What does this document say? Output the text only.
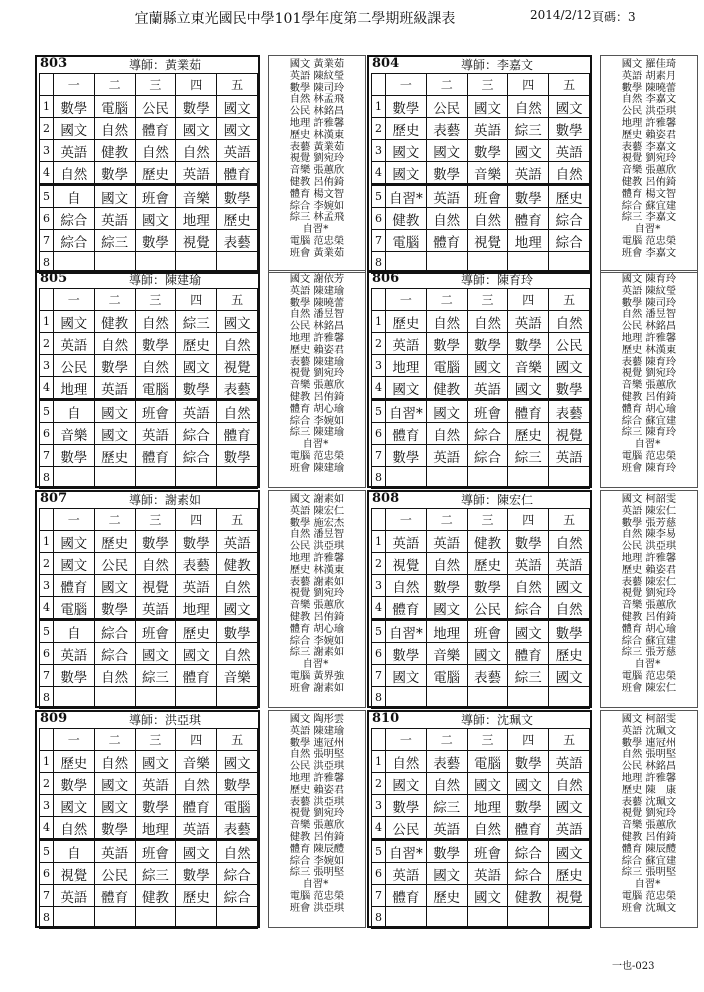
宜蘭縣立東光國民中學101學年度第二學期班級課表	2014/2/12 頁碼：3
一也-023
803	導師：黃業茹
	一	二	三	四	五
1	數學	電腦	公民	數學	國文
2	國文	自然	體育	國文	國文
3	英語	健教	自然	自然	英語
4	自然	數學	歷史	英語	體育
5	自	國文	班會	音樂	數學
6	綜合	英語	國文	地理	歷史
7	綜合	綜三	數學	視覺	表藝
8					
國文 黃業茹
英語 陳紋瑩
數學 陳司玲
自然 林孟飛
公民 林銘昌
地理 許雅馨
歷史 林漢東
表藝 黃業茹
視覺 劉宛玲
音樂 張蕙欣
健教 呂侑錡
體育 楊文智
綜合 李婉如
綜三 林孟飛
自習*
電腦 范忠榮
班會 黃業茹
804	導師：李嘉文
	一	二	三	四	五
1	數學	公民	國文	自然	國文
2	歷史	表藝	英語	綜三	數學
3	國文	國文	數學	國文	英語
4	國文	數學	音樂	英語	自然
5	自習*	英語	班會	數學	歷史
6	健教	自然	自然	體育	綜合
7	電腦	體育	視覺	地理	綜合
8					
國文 羅佳琦
英語 胡素月
數學 陳曉蕾
自然 李嘉文
公民 洪亞琪
地理 許雅馨
歷史 賴姿君
表藝 李嘉文
視覺 劉宛玲
音樂 張蕙欣
健教 呂侑錡
體育 楊文智
綜合 蘇宜建
綜三 李嘉文
自習*
電腦 范忠榮
班會 李嘉文
805	導師：陳建瑜
	一	二	三	四	五
1	國文	健教	自然	綜三	國文
2	英語	自然	數學	歷史	自然
3	公民	數學	自然	國文	視覺
4	地理	英語	電腦	數學	表藝
5	自	國文	班會	英語	自然
6	音樂	國文	英語	綜合	體育
7	數學	歷史	體育	綜合	數學
8					
國文 謝依芳
英語 陳建瑜
數學 陳曉蕾
自然 潘昱智
公民 林銘昌
地理 許雅馨
歷史 賴姿君
表藝 陳建瑜
視覺 劉宛玲
音樂 張蕙欣
健教 呂侑錡
體育 胡心瑜
綜合 李婉如
綜三 陳建瑜
自習*
電腦 范忠榮
班會 陳建瑜
806	導師：陳育玲
	一	二	三	四	五
1	歷史	自然	自然	英語	自然
2	英語	數學	數學	數學	公民
3	地理	電腦	國文	音樂	國文
4	國文	健教	英語	國文	數學
5	自習*	國文	班會	體育	表藝
6	體育	自然	綜合	歷史	視覺
7	數學	英語	綜合	綜三	英語
8					
國文 陳育玲
英語 陳紋瑩
數學 陳司玲
自然 潘昱智
公民 林銘昌
地理 許雅馨
歷史 林漢東
表藝 陳育玲
視覺 劉宛玲
音樂 張蕙欣
健教 呂侑錡
體育 胡心瑜
綜合 蘇宜建
綜三 陳育玲
自習*
電腦 范忠榮
班會 陳育玲
807	導師：謝素如
	一	二	三	四	五
1	國文	歷史	數學	數學	英語
2	國文	公民	自然	表藝	健教
3	體育	國文	視覺	英語	自然
4	電腦	數學	英語	地理	國文
5	自	綜合	班會	歷史	數學
6	英語	綜合	國文	國文	自然
7	數學	自然	綜三	體育	音樂
8					
國文 謝素如
英語 陳宏仁
數學 施宏杰
自然 潘昱智
公民 洪亞琪
地理 許雅馨
歷史 林漢東
表藝 謝素如
視覺 劉宛玲
音樂 張蕙欣
健教 呂侑錡
體育 胡心瑜
綜合 李婉如
綜三 謝素如
自習*
電腦 黃界強
班會 謝素如
808	導師：陳宏仁
	一	二	三	四	五
1	英語	英語	健教	數學	自然
2	視覺	自然	歷史	英語	英語
3	自然	數學	數學	自然	國文
4	體育	國文	公民	綜合	自然
5	自習*	地理	班會	國文	數學
6	數學	音樂	國文	體育	歷史
7	國文	電腦	表藝	綜三	國文
8					
國文 柯韶雯
英語 陳宏仁
數學 張芳慈
自然 陳李易
公民 洪亞琪
地理 許雅馨
歷史 賴姿君
表藝 陳宏仁
視覺 劉宛玲
音樂 張蕙欣
健教 呂侑錡
體育 胡心瑜
綜合 蘇宜建
綜三 張芳慈
自習*
電腦 范忠榮
班會 陳宏仁
809	導師：洪亞琪
	一	二	三	四	五
1	歷史	自然	國文	音樂	國文
2	數學	國文	英語	自然	數學
3	國文	國文	數學	體育	電腦
4	自然	數學	地理	英語	表藝
5	自	英語	班會	國文	自然
6	視覺	公民	綜三	數學	綜合
7	英語	體育	健教	歷史	綜合
8					
國文 陶彤雲
英語 陳建瑜
數學 連冠州
自然 張明堅
公民 洪亞琪
地理 許雅馨
歷史 賴姿君
表藝 洪亞琪
視覺 劉宛玲
音樂 張蕙欣
健教 呂侑錡
體育 陳辰醴
綜合 李婉如
綜三 張明堅
自習*
電腦 范忠榮
班會 洪亞琪
810	導師：沈珮文
	一	二	三	四	五
1	自然	表藝	電腦	數學	英語
2	國文	自然	國文	國文	自然
3	數學	綜三	地理	數學	國文
4	公民	英語	自然	體育	英語
5	自習*	數學	班會	綜合	國文
6	英語	國文	英語	綜合	歷史
7	體育	歷史	國文	健教	視覺
8					
國文 柯韶雯
英語 沈珮文
數學 連冠州
自然 張明堅
公民 林銘昌
地理 許雅馨
歷史 陳　康
表藝 沈珮文
視覺 劉宛玲
音樂 張蕙欣
健教 呂侑錡
體育 陳辰醴
綜合 蘇宜建
綜三 張明堅
自習*
電腦 范忠榮
班會 沈珮文
